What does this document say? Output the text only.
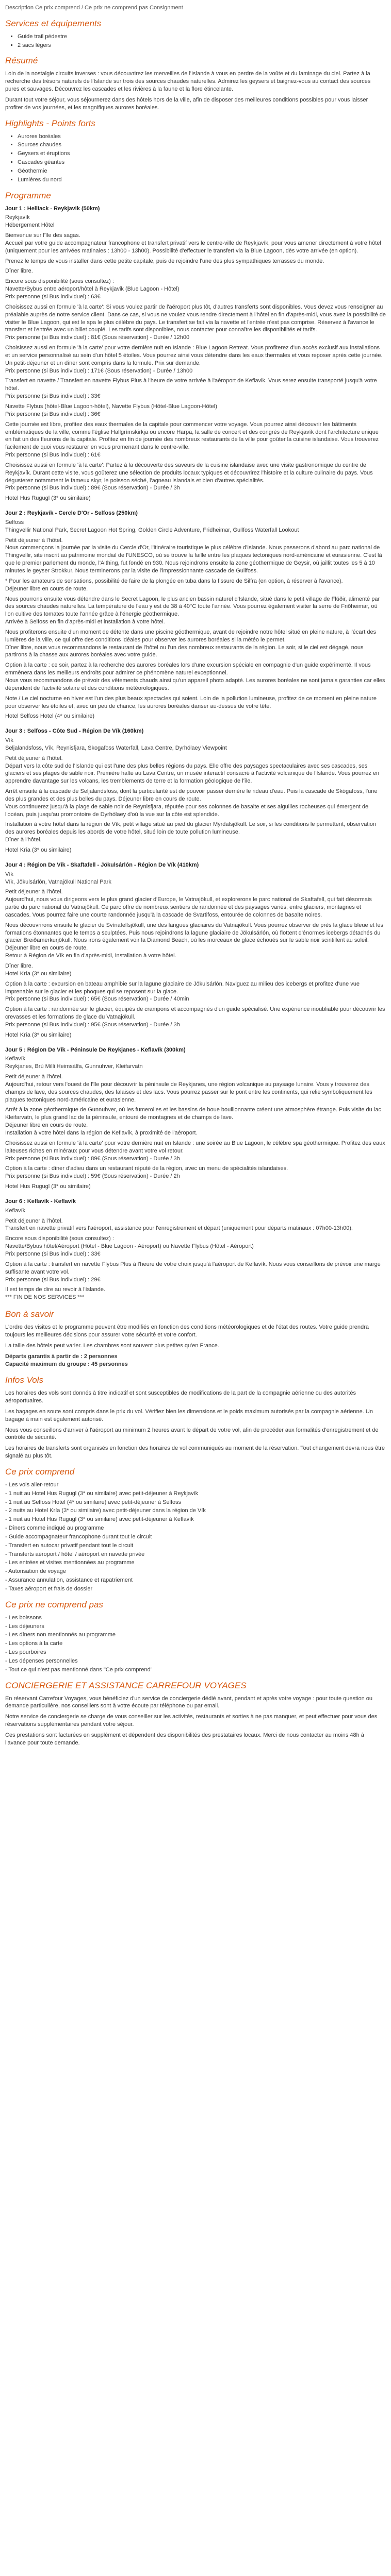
Description Ce prix comprend / Ce prix ne comprend pas Consignment

Services et équipements
▪ Guide trail pédestre
▪ 2 sacs légers
Résumé

Loin de la nostalgie circuits inverses : vous découvrirez les merveilles de l'Islande à vous en perdre de la voûte et du laminage du ciel. Partez à la recherche des trésors naturels de l'Islande sur trois des sources chaudes naturelles. Admirez les geysers et baignez-vous au contact des sources pures et sauvages. Découvrez les cascades et les rivières à la faune et la flore étincelante.

Durant tout votre séjour, vous séjournerez dans des hôtels hors de la ville, afin de disposer des meilleures conditions possibles pour vous laisser profiter de vos journées, et les magnifiques aurores boréales.

Highlights - Points forts
▪ Aurores boréales
▪ Sources chaudes
▪ Geysers et éruptions
▪ Cascades géantes
▪ Géothermie
▪ Lumières du nord
Programme
Jour 1 : Helliack - Reykjavik (50km)

Reykjavík

Hébergement Hôtel

Bienvenue sur l'île des sagas.

Accueil par votre guide accompagnateur francophone et transfert privatif vers le centre-ville de Reykjavík, pour vous amener directement à votre hôtel (uniquement pour les arrivées matinales : 13h00 - 13h00). Possibilité d'effectuer le transfert via la Blue Lagoon, dès votre arrivée (en option).

Prenez le temps de vous installer dans cette petite capitale, puis de rejoindre l'une des plus sympathiques terrasses du monde.

Dîner libre.

Encore sous disponibilité (sous consultez) :

Navette/Bybus entre aéroport/hôtel à Reykjavik (Blue Lagoon - Hôtel)

Prix personne (si Bus individuel) : 63€

Choisissez aussi en formule 'à la carte': Si vous voulez partir de l'aéroport plus tôt, d'autres transferts sont disponibles. Vous devez vous renseigner au préalable auprès de notre service client. Dans ce cas, si vous ne voulez vous rendre directement à l'hôtel en fin d'après-midi, vous avez la possibilité de visiter le Blue Lagoon, qui est le spa le plus célèbre du pays. Le transfert se fait via la navette et l'entrée n'est pas comprise. Réservez à l'avance le transfert et l'entrée avec un billet couplé. Les tarifs sont disponibles, nous contacter pour connaître les disponibilités et tarifs.

Prix personne (si Bus individuel) : 81€ (Sous réservation) - Durée / 12h00

Choisissez aussi en formule 'à la carte' pour votre dernière nuit en Islande : Blue Lagoon Retreat. Vous profiterez d'un accès exclusif aux installations et un service personnalisé au sein d'un hôtel 5 étoiles. Vous pourrez ainsi vous détendre dans les eaux thermales et vous reposer après cette journée. Un petit-déjeuner et un dîner sont compris dans la formule. Prix sur demande.

Prix personne (si Bus individuel) : 171€ (Sous réservation) - Durée / 13h00

Transfert en navette / Transfert en navette Flybus Plus à l'heure de votre arrivée à l'aéroport de Keflavik. Vous serez ensuite transporté jusqu'à votre hôtel.

Prix personne (si Bus individuel) : 33€

Navette Flybus (hôtel-Blue Lagoon-hôtel), Navette Flybus (Hôtel-Blue Lagoon-Hôtel)

Prix personne (si Bus individuel) : 36€

Cette journée est libre, profitez des eaux thermales de la capitale pour commencer votre voyage. Vous pourrez ainsi découvrir les bâtiments emblématiques de la ville, comme l'église Hallgrímskirkja ou encore Harpa, la salle de concert et des congrès de Reykjavík dont l'architecture unique en fait un des fleurons de la capitale. Profitez en fin de journée des nombreux restaurants de la ville pour goûter la cuisine islandaise. Vous trouverez facilement de quoi vous restaurer en vous promenant dans le centre-ville.

Prix personne (si Bus individuel) : 61€

Choisissez aussi en formule 'à la carte': Partez à la découverte des saveurs de la cuisine islandaise avec une visite gastronomique du centre de Reykjavík. Durant cette visite, vous goûterez une sélection de produits locaux typiques et découvrirez l'histoire et la culture culinaire du pays. Vous dégusterez notamment le fameux skyr, le poisson séché, l'agneau islandais et bien d'autres spécialités.

Prix personne (si Bus individuel) : 89€ (Sous réservation) - Durée / 3h

Hotel Hus Rugugl (3* ou similaire)

Jour 2 : Reykjavík - Cercle D'Or - Selfoss (250km)

Selfoss

Thingvellir National Park, Secret Lagoon Hot Spring, Golden Circle Adventure, Fridheimar, Gullfoss Waterfall Lookout

Petit déjeuner à l'hôtel.

Nous commençons la journée par la visite du Cercle d'Or, l'itinéraire touristique le plus célèbre d'Islande. Nous passerons d'abord au parc national de Thingvellir, site inscrit au patrimoine mondial de l'UNESCO, où se trouve la faille entre les plaques tectoniques nord-américaine et eurasienne. C'est là que le premier parlement du monde, l'Althing, fut fondé en 930. Nous rejoindrons ensuite la zone géothermique de Geysir, où jaillit toutes les 5 à 10 minutes le geyser Strokkur. Nous terminerons par la visite de l'impressionnante cascade de Gullfoss.

* Pour les amateurs de sensations, possibilité de faire de la plongée en tuba dans la fissure de Silfra (en option, à réserver à l'avance).

Déjeuner libre en cours de route.

Nous pourrons ensuite vous détendre dans le Secret Lagoon, le plus ancien bassin naturel d'Islande, situé dans le petit village de Flúðir, alimenté par des sources chaudes naturelles. La température de l'eau y est de 38 à 40°C toute l'année. Vous pourrez également visiter la serre de Friðheimar, où l'on cultive des tomates toute l'année grâce à l'énergie géothermique.

Arrivée à Selfoss en fin d'après-midi et installation à votre hôtel.

Nous profiterons ensuite d'un moment de détente dans une piscine géothermique, avant de rejoindre notre hôtel situé en pleine nature, à l'écart des lumières de la ville, ce qui offre des conditions idéales pour observer les aurores boréales si la météo le permet.

Dîner libre, nous vous recommandons le restaurant de l'hôtel ou l'un des nombreux restaurants de la région. Le soir, si le ciel est dégagé, nous partirons à la chasse aux aurores boréales avec votre guide.

Option à la carte : ce soir, partez à la recherche des aurores boréales lors d'une excursion spéciale en compagnie d'un guide expérimenté. Il vous emmènera dans les meilleurs endroits pour admirer ce phénomène naturel exceptionnel.

Nous vous recommandons de prévoir des vêtements chauds ainsi qu'un appareil photo adapté. Les aurores boréales ne sont jamais garanties car elles dépendent de l'activité solaire et des conditions météorologiques.

Note / Le ciel nocturne en hiver est l'un des plus beaux spectacles qui soient. Loin de la pollution lumineuse, profitez de ce moment en pleine nature pour observer les étoiles et, avec un peu de chance, les aurores boréales danser au-dessus de votre tête.

Hotel Selfoss Hotel (4* ou similaire)

Jour 3 : Selfoss - Côte Sud - Région De Vík (160km)

Vík

Seljalandsfoss, Vík, Reynisfjara, Skogafoss Waterfall, Lava Centre, Dyrhólaey Viewpoint

Petit déjeuner à l'hôtel.

Départ vers la côte sud de l'Islande qui est l'une des plus belles régions du pays. Elle offre des paysages spectaculaires avec ses cascades, ses glaciers et ses plages de sable noir. Première halte au Lava Centre, un musée interactif consacré à l'activité volcanique de l'Islande. Vous pourrez en apprendre davantage sur les volcans, les tremblements de terre et la formation géologique de l'île.

Arrêt ensuite à la cascade de Seljalandsfoss, dont la particularité est de pouvoir passer derrière le rideau d'eau. Puis la cascade de Skógafoss, l'une des plus grandes et des plus belles du pays. Déjeuner libre en cours de route.

Vous continuerez jusqu'à la plage de sable noir de Reynisfjara, réputée pour ses colonnes de basalte et ses aiguilles rocheuses qui émergent de l'océan, puis jusqu'au promontoire de Dyrhólaey d'où la vue sur la côte est splendide.

Installation à votre hôtel dans la région de Vík, petit village situé au pied du glacier Mýrdalsjökull. Le soir, si les conditions le permettent, observation des aurores boréales depuis les abords de votre hôtel, situé loin de toute pollution lumineuse.

Dîner à l'hôtel.

Hotel Kría (3* ou similaire)

Jour 4 : Région De Vík - Skaftafell - Jökulsárlón - Région De Vík (410km)

Vík

Vík, Jökulsárlón, Vatnajökull National Park

Petit déjeuner à l'hôtel.

Aujourd'hui, nous vous dirigeons vers le plus grand glacier d'Europe, le Vatnajökull, et explorerons le parc national de Skaftafell, qui fait désormais partie du parc national du Vatnajökull. Ce parc offre de nombreux sentiers de randonnée et des paysages variés, entre glaciers, montagnes et cascades. Vous pourrez faire une courte randonnée jusqu'à la cascade de Svartifoss, entourée de colonnes de basalte noires.

Nous découvrirons ensuite le glacier de Svínafellsjökull, une des langues glaciaires du Vatnajökull. Vous pourrez observer de près la glace bleue et les formations étonnantes que le temps a sculptées. Puis nous rejoindrons la lagune glaciaire de Jökulsárlón, où flottent d'énormes icebergs détachés du glacier Breiðamerkurjökull. Nous irons également voir la Diamond Beach, où les morceaux de glace échoués sur le sable noir scintillent au soleil.

Déjeuner libre en cours de route.

Retour à Région de Vík en fin d'après-midi, installation à votre hôtel.

Dîner libre.

Hotel Kría (3* ou similaire)

Option à la carte : excursion en bateau amphibie sur la lagune glaciaire de Jökulsárlón. Naviguez au milieu des icebergs et profitez d'une vue imprenable sur le glacier et les phoques qui se reposent sur la glace.

Prix personne (si Bus individuel) : 65€ (Sous réservation) - Durée / 40min

Option à la carte : randonnée sur le glacier, équipés de crampons et accompagnés d'un guide spécialisé. Une expérience inoubliable pour découvrir les crevasses et les formations de glace du Vatnajökull.

Prix personne (si Bus individuel) : 95€ (Sous réservation) - Durée / 3h

Hotel Kría (3* ou similaire)

Jour 5 : Région De Vík - Péninsule De Reykjanes - Keflavík (300km)

Keflavík

Reykjanes, Brú Milli Heimsálfa, Gunnuhver, Kleifarvatn

Petit déjeuner à l'hôtel.

Aujourd'hui, retour vers l'ouest de l'île pour découvrir la péninsule de Reykjanes, une région volcanique au paysage lunaire. Vous y trouverez des champs de lave, des sources chaudes, des falaises et des lacs. Vous pourrez passer sur le pont entre les continents, qui relie symboliquement les plaques tectoniques nord-américaine et eurasienne.

Arrêt à la zone géothermique de Gunnuhver, où les fumerolles et les bassins de boue bouillonnante créent une atmosphère étrange. Puis visite du lac Kleifarvatn, le plus grand lac de la péninsule, entouré de montagnes et de champs de lave.

Déjeuner libre en cours de route.

Installation à votre hôtel dans la région de Keflavík, à proximité de l'aéroport.

Choisissez aussi en formule 'à la carte' pour votre dernière nuit en Islande : une soirée au Blue Lagoon, le célèbre spa géothermique. Profitez des eaux laiteuses riches en minéraux pour vous détendre avant votre vol retour.

Prix personne (si Bus individuel) : 89€ (Sous réservation) - Durée / 3h

Option à la carte : dîner d'adieu dans un restaurant réputé de la région, avec un menu de spécialités islandaises.

Prix personne (si Bus individuel) : 59€ (Sous réservation) - Durée / 2h

Hotel Hus Rugugl (3* ou similaire)

Jour 6 : Keflavík - Keflavík

Keflavík

Petit déjeuner à l'hôtel.

Transfert en navette privatif vers l'aéroport, assistance pour l'enregistrement et départ (uniquement pour départs matinaux : 07h00-13h00).

Encore sous disponibilité (sous consultez) :

Navette/Bybus hôtel/Aéroport (Hôtel - Blue Lagoon - Aéroport) ou Navette Flybus (Hôtel - Aéroport)

Prix personne (si Bus individuel) : 33€

Option à la carte : transfert en navette Flybus Plus à l'heure de votre choix jusqu'à l'aéroport de Keflavík. Nous vous conseillons de prévoir une marge suffisante avant votre vol.

Prix personne (si Bus individuel) : 29€

Il est temps de dire au revoir à l'Islande.

*** FIN DE NOS SERVICES ***

Bon à savoir

L'ordre des visites et le programme peuvent être modifiés en fonction des conditions météorologiques et de l'état des routes. Votre guide prendra toujours les meilleures décisions pour assurer votre sécurité et votre confort.

La taille des hôtels peut varier. Les chambres sont souvent plus petites qu'en France.

Départs garantis à partir de : 2 personnes

Capacité maximum du groupe : 45 personnes

Infos Vols

Les horaires des vols sont donnés à titre indicatif et sont susceptibles de modifications de la part de la compagnie aérienne ou des autorités aéroportuaires.

Les bagages en soute sont compris dans le prix du vol. Vérifiez bien les dimensions et le poids maximum autorisés par la compagnie aérienne. Un bagage à main est également autorisé.

Nous vous conseillons d'arriver à l'aéroport au minimum 2 heures avant le départ de votre vol, afin de procéder aux formalités d'enregistrement et de contrôle de sécurité.

Les horaires de transferts sont organisés en fonction des horaires de vol communiqués au moment de la réservation. Tout changement devra nous être signalé au plus tôt.

Ce prix comprend

- Les vols aller-retour

- 1 nuit au Hotel Hus Rugugl (3* ou similaire) avec petit-déjeuner à Reykjavík

- 1 nuit au Selfoss Hotel (4* ou similaire) avec petit-déjeuner à Selfoss

- 2 nuits au Hotel Kría (3* ou similaire) avec petit-déjeuner dans la région de Vík

- 1 nuit au Hotel Hus Rugugl (3* ou similaire) avec petit-déjeuner à Keflavík

- Dîners comme indiqué au programme

- Guide accompagnateur francophone durant tout le circuit

- Transfert en autocar privatif pendant tout le circuit

- Transferts aéroport / hôtel / aéroport en navette privée

- Les entrées et visites mentionnées au programme

- Autorisation de voyage

- Assurance annulation, assistance et rapatriement

- Taxes aéroport et frais de dossier

Ce prix ne comprend pas

- Les boissons

- Les déjeuners

- Les dîners non mentionnés au programme

- Les options à la carte

- Les pourboires

- Les dépenses personnelles

- Tout ce qui n'est pas mentionné dans "Ce prix comprend"

CONCIERGERIE ET ASSISTANCE CARREFOUR VOYAGES

En réservant Carrefour Voyages, vous bénéficiez d'un service de conciergerie dédié avant, pendant et après votre voyage : pour toute question ou demande particulière, nos conseillers sont à votre écoute par téléphone ou par email.

Notre service de conciergerie se charge de vous conseiller sur les activités, restaurants et sorties à ne pas manquer, et peut effectuer pour vous des réservations supplémentaires pendant votre séjour.

Ces prestations sont facturées en supplément et dépendent des disponibilités des prestataires locaux. Merci de nous contacter au moins 48h à l'avance pour toute demande.
